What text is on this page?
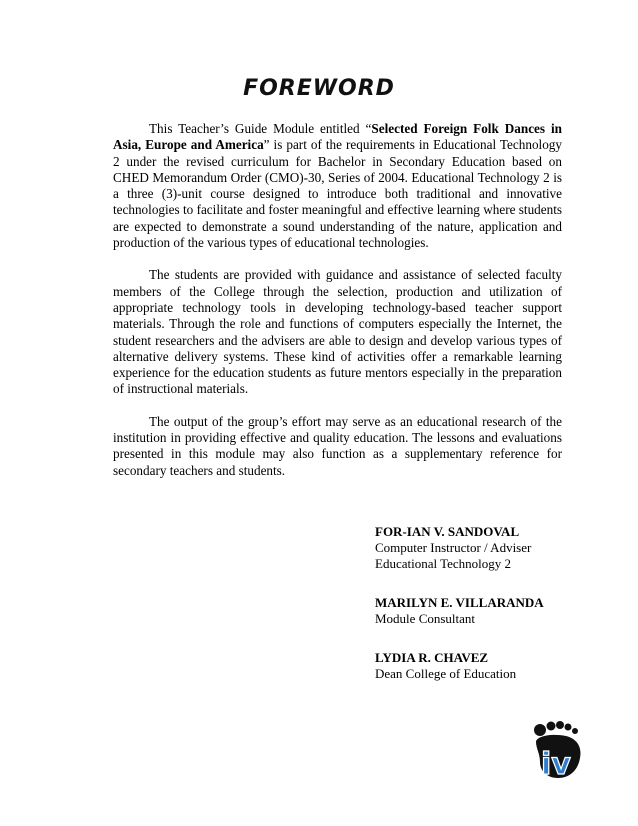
FOREWORD

This Teacher’s Guide Module entitled “Selected Foreign Folk Dances in Asia, Europe and America” is part of the requirements in Educational Technology 2 under the revised curriculum for Bachelor in Secondary Education based on CHED Memorandum Order (CMO)-30, Series of 2004. Educational Technology 2 is a three (3)-unit course designed to introduce both traditional and innovative technologies to facilitate and foster meaningful and effective learning where students are expected to demonstrate a sound understanding of the nature, application and production of the various types of educational technologies.

The students are provided with guidance and assistance of selected faculty members of the College through the selection, production and utilization of appropriate technology tools in developing technology-based teacher support materials. Through the role and functions of computers especially the Internet, the student researchers and the advisers are able to design and develop various types of alternative delivery systems. These kind of activities offer a remarkable learning experience for the education students as future mentors especially in the preparation of instructional materials.

The output of the group’s effort may serve as an educational research of the institution in providing effective and quality education. The lessons and evaluations presented in this module may also function as a supplementary reference for secondary teachers and students.

FOR-IAN V. SANDOVAL
Computer Instructor / Adviser
Educational Technology 2
MARILYN E. VILLARANDA
Module Consultant
LYDIA R. CHAVEZ
Dean College of Education
iv
